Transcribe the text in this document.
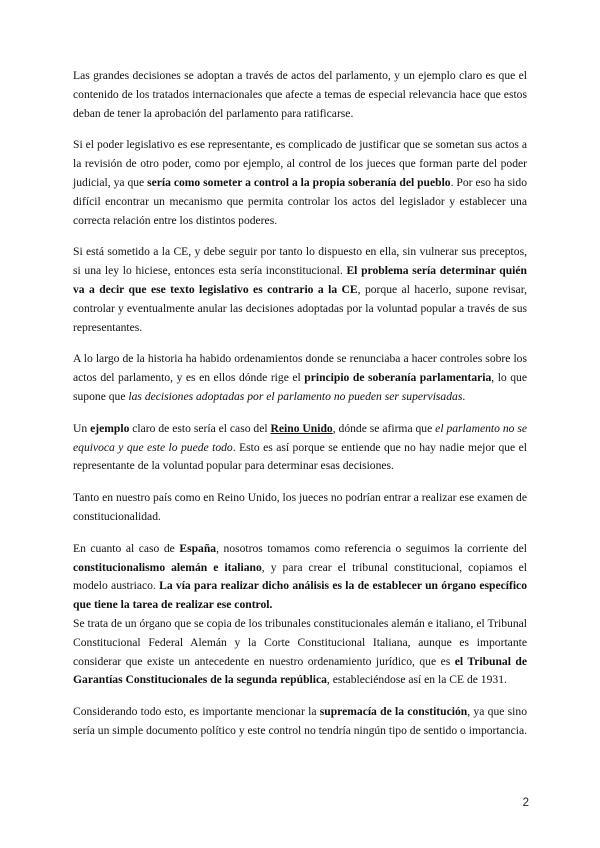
Las grandes decisiones se adoptan a través de actos del parlamento, y un ejemplo claro es que el contenido de los tratados internacionales que afecte a temas de especial relevancia hace que estos deban de tener la aprobación del parlamento para ratificarse.

Si el poder legislativo es ese representante, es complicado de justificar que se sometan sus actos a la revisión de otro poder, como por ejemplo, al control de los jueces que forman parte del poder judicial, ya que sería como someter a control a la propia soberanía del pueblo. Por eso ha sido difícil encontrar un mecanismo que permita controlar los actos del legislador y establecer una correcta relación entre los distintos poderes.

Si está sometido a la CE, y debe seguir por tanto lo dispuesto en ella, sin vulnerar sus preceptos, si una ley lo hiciese, entonces esta sería inconstitucional. El problema sería determinar quién va a decir que ese texto legislativo es contrario a la CE, porque al hacerlo, supone revisar, controlar y eventualmente anular las decisiones adoptadas por la voluntad popular a través de sus representantes.

A lo largo de la historia ha habido ordenamientos donde se renunciaba a hacer controles sobre los actos del parlamento, y es en ellos dónde rige el principio de soberanía parlamentaria, lo que supone que las decisiones adoptadas por el parlamento no pueden ser supervisadas.

Un ejemplo claro de esto sería el caso del Reino Unido, dónde se afirma que el parlamento no se equivoca y que este lo puede todo. Esto es así porque se entiende que no hay nadie mejor que el representante de la voluntad popular para determinar esas decisiones.

Tanto en nuestro país como en Reino Unido, los jueces no podrían entrar a realizar ese examen de constitucionalidad.

En cuanto al caso de España, nosotros tomamos como referencia o seguimos la corriente del constitucionalismo alemán e italiano, y para crear el tribunal constitucional, copiamos el modelo austriaco. La vía para realizar dicho análisis es la de establecer un órgano específico que tiene la tarea de realizar ese control.

Se trata de un órgano que se copia de los tribunales constitucionales alemán e italiano, el Tribunal Constitucional Federal Alemán y la Corte Constitucional Italiana, aunque es importante considerar que existe un antecedente en nuestro ordenamiento jurídico, que es el Tribunal de Garantías Constitucionales de la segunda república, estableciéndose así en la CE de 1931.

Considerando todo esto, es importante mencionar la supremacía de la constitución, ya que sino sería un simple documento político y este control no tendría ningún tipo de sentido o importancia.

2
